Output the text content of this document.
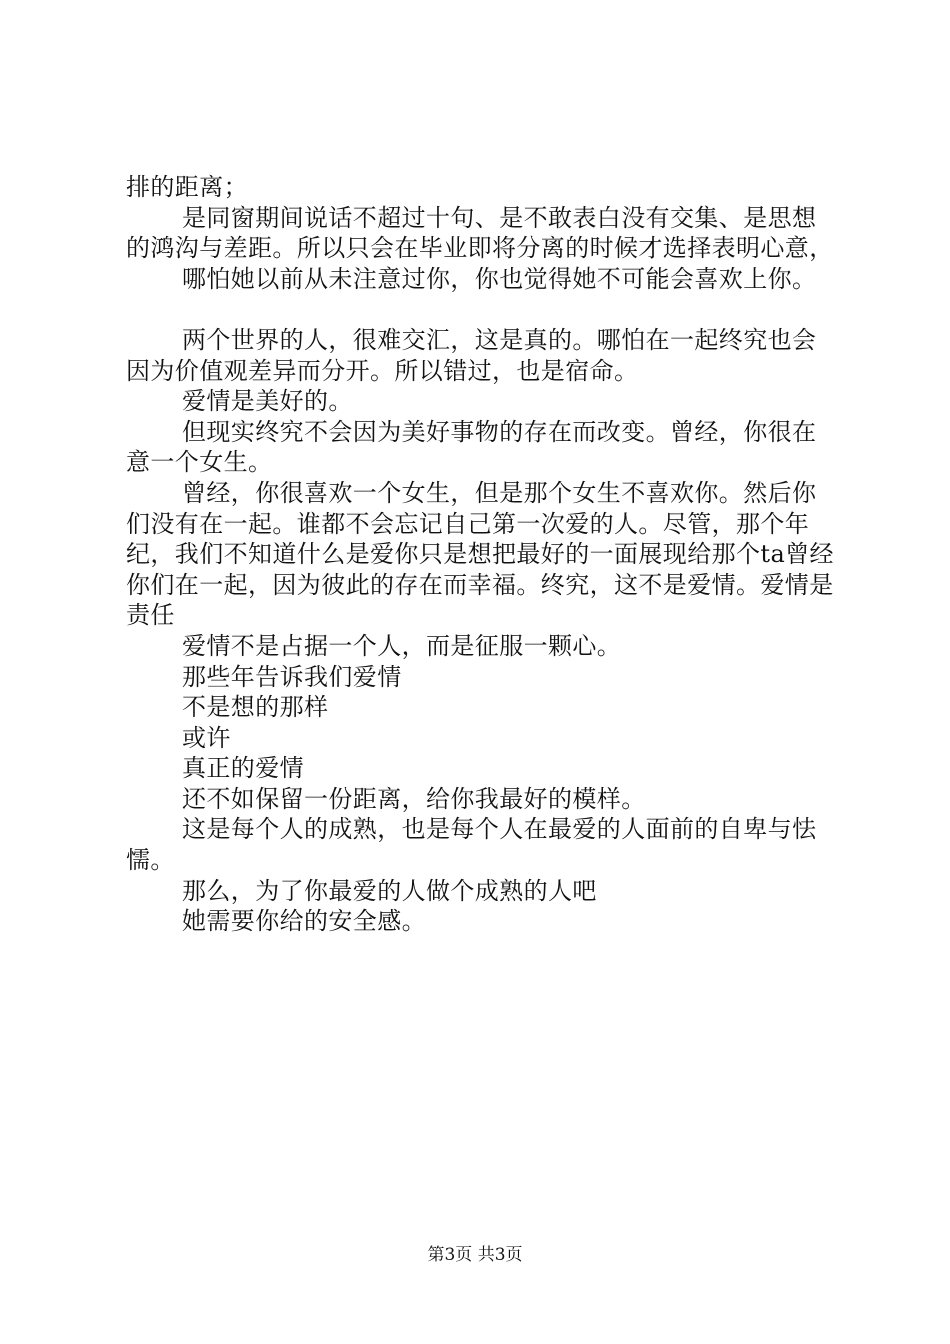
排的距离；

是同窗期间说话不超过十句、是不敢表白没有交集、是思想的鸿沟与差距。所以只会在毕业即将分离的时候才选择表明心意，

哪怕她以前从未注意过你，你也觉得她不可能会喜欢上你。

两个世界的人，很难交汇，这是真的。哪怕在一起终究也会因为价值观差异而分开。所以错过，也是宿命。

爱情是美好的。

但现实终究不会因为美好事物的存在而改变。曾经，你很在意一个女生。

曾经，你很喜欢一个女生，但是那个女生不喜欢你。然后你们没有在一起。谁都不会忘记自己第一次爱的人。尽管，那个年纪，我们不知道什么是爱你只是想把最好的一面展现给那个ta曾经你们在一起，因为彼此的存在而幸福。终究，这不是爱情。爱情是责任

爱情不是占据一个人，而是征服一颗心。

那些年告诉我们爱情

不是想的那样

或许

真正的爱情

还不如保留一份距离，给你我最好的模样。

这是每个人的成熟，也是每个人在最爱的人面前的自卑与怯懦。

那么，为了你最爱的人做个成熟的人吧

她需要你给的安全感。

第3页 共3页
